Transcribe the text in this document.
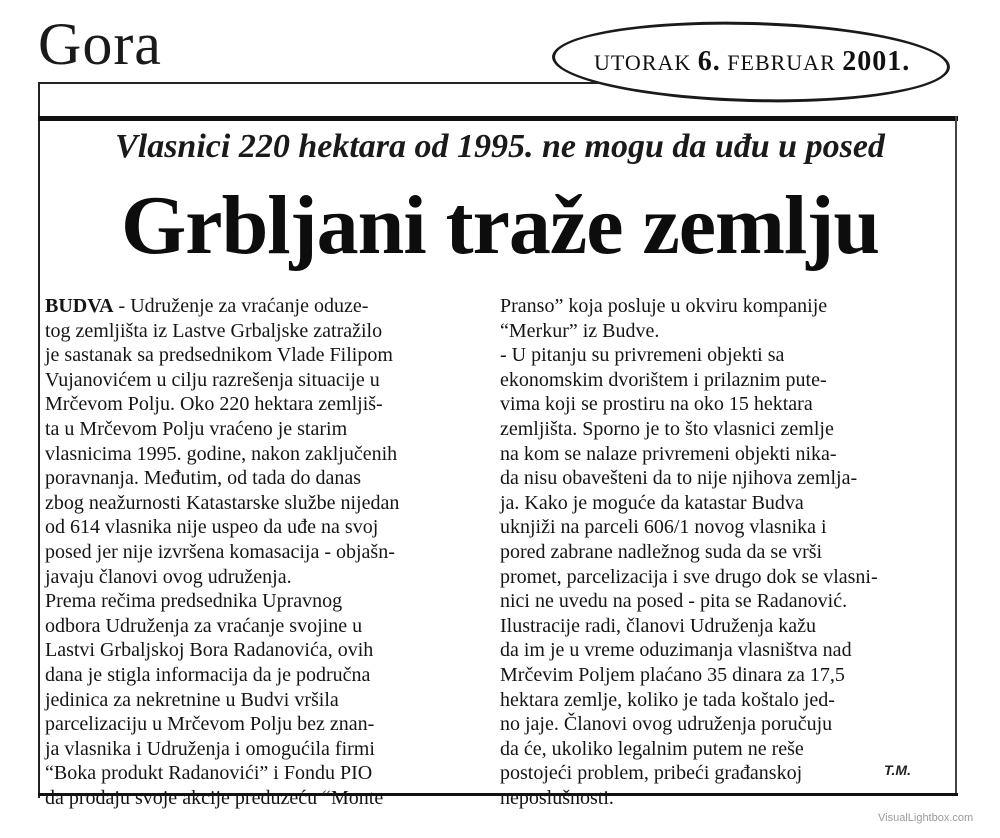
Gora	UTORAK 6. FEBRUAR 2001.
Vlasnici 220 hektara od 1995. ne mogu da uđu u posed
Grbljani traže zemlju
BUDVA - Udruženje za vraćanje oduze-
tog zemljišta iz Lastve Grbaljske zatražilo
je sastanak sa predsednikom Vlade Filipom
Vujanovićem u cilju razrešenja situacije u
Mrčevom Polju. Oko 220 hektara zemljiš-
ta u Mrčevom Polju vraćeno je starim
vlasnicima 1995. godine, nakon zaključenih
poravnanja. Međutim, od tada do danas
zbog neažurnosti Katastarske službe nijedan
od 614 vlasnika nije uspeo da uđe na svoj
posed jer nije izvršena komasacija - objašn-
javaju članovi ovog udruženja.
Prema rečima predsednika Upravnog
odbora Udruženja za vraćanje svojine u
Lastvi Grbaljskoj Bora Radanovića, ovih
dana je stigla informacija da je područna
jedinica za nekretnine u Budvi vršila
parcelizaciju u Mrčevom Polju bez znan-
ja vlasnika i Udruženja i omogućila firmi
“Boka produkt Radanovići” i Fondu PIO
da prodaju svoje akcije preduzeću “Monte
Pranso” koja posluje u okviru kompanije
“Merkur” iz Budve.
- U pitanju su privremeni objekti sa
ekonomskim dvorištem i prilaznim pute-
vima koji se prostiru na oko 15 hektara
zemljišta. Sporno je to što vlasnici zemlje
na kom se nalaze privremeni objekti nika-
da nisu obavešteni da to nije njihova zemlja-
ja. Kako je moguće da katastar Budva
uknjiži na parceli 606/1 novog vlasnika i
pored zabrane nadležnog suda da se vrši
promet, parcelizacija i sve drugo dok se vlasni-
nici ne uvedu na posed - pita se Radanović.
Ilustracije radi, članovi Udruženja kažu
da im je u vreme oduzimanja vlasništva nad
Mrčevim Poljem plaćano 35 dinara za 17,5
hektara zemlje, koliko je tada koštalo jed-
no jaje. Članovi ovog udruženja poručuju
da će, ukoliko legalnim putem ne reše
postojeći problem, pribeći građanskoj
neposlušnosti.
T.M.
VisualLightbox.com
